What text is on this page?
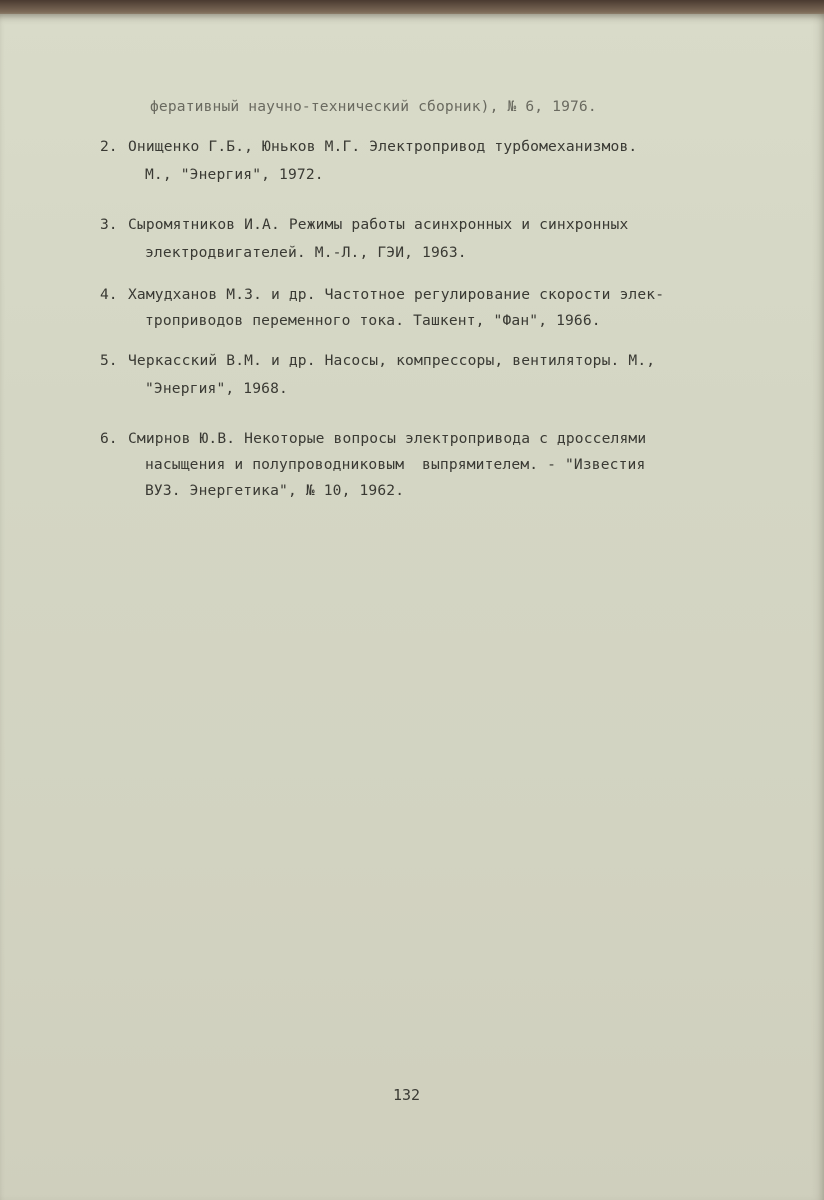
феративный научно-технический сборник), № 6, 1976.

2. Онищенко Г.Б., Юньков М.Г. Электропривод турбомеханизмов.

М., "Энергия", 1972.

3. Сыромятников И.А. Режимы работы асинхронных и синхронных

электродвигателей. М.-Л., ГЭИ, 1963.

4. Хамудханов М.З. и др. Частотное регулирование скорости элек-

троприводов переменного тока. Ташкент, "Фан", 1966.

5. Черкасский В.М. и др. Насосы, компрессоры, вентиляторы. М.,

"Энергия", 1968.

6. Смирнов Ю.В. Некоторые вопросы электропривода с дросселями

насыщения и полупроводниковым  выпрямителем. - "Известия

ВУЗ. Энергетика", № 10, 1962.

132
